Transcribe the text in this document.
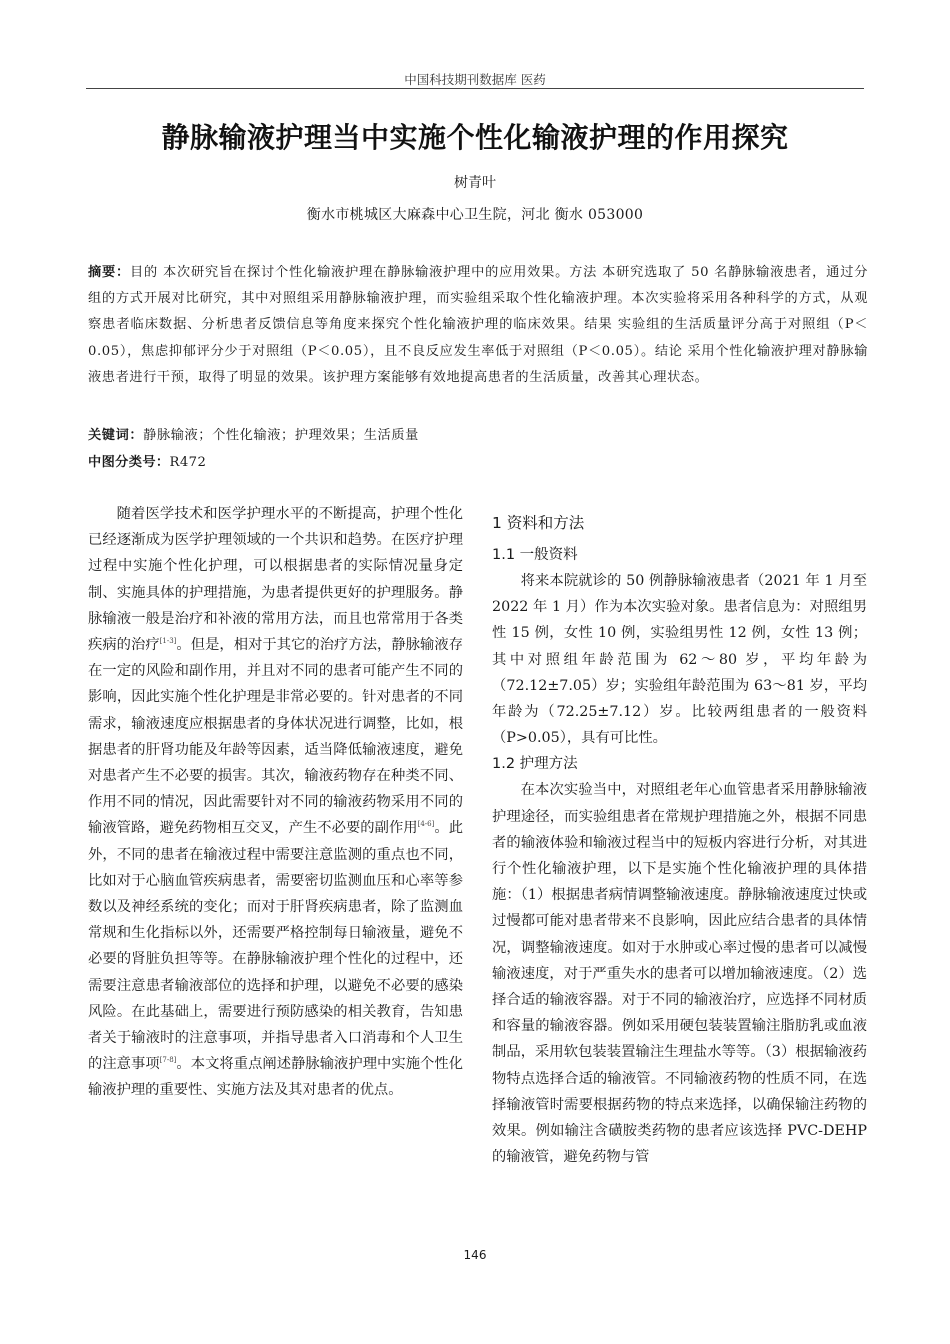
中国科技期刊数据库 医药
静脉输液护理当中实施个性化输液护理的作用探究
树青叶
衡水市桃城区大麻森中心卫生院，河北 衡水 053000
摘要：目的 本次研究旨在探讨个性化输液护理在静脉输液护理中的应用效果。方法 本研究选取了 50 名静脉输液患者，通过分组的方式开展对比研究，其中对照组采用静脉输液护理，而实验组采取个性化输液护理。本次实验将采用各种科学的方式，从观察患者临床数据、分析患者反馈信息等角度来探究个性化输液护理的临床效果。结果 实验组的生活质量评分高于对照组（P＜0.05），焦虑抑郁评分少于对照组（P＜0.05），且不良反应发生率低于对照组（P＜0.05）。结论 采用个性化输液护理对静脉输液患者进行干预，取得了明显的效果。该护理方案能够有效地提高患者的生活质量，改善其心理状态。
关键词：静脉输液；个性化输液；护理效果；生活质量
中图分类号：R472

随着医学技术和医学护理水平的不断提高，护理个性化已经逐渐成为医学护理领域的一个共识和趋势。在医疗护理过程中实施个性化护理，可以根据患者的实际情况量身定制、实施具体的护理措施，为患者提供更好的护理服务。静脉输液一般是治疗和补液的常用方法，而且也常常用于各类疾病的治疗[1-3]。但是，相对于其它的治疗方法，静脉输液存在一定的风险和副作用，并且对不同的患者可能产生不同的影响，因此实施个性化护理是非常必要的。针对患者的不同需求，输液速度应根据患者的身体状况进行调整，比如，根据患者的肝肾功能及年龄等因素，适当降低输液速度，避免对患者产生不必要的损害。其次，输液药物存在种类不同、作用不同的情况，因此需要针对不同的输液药物采用不同的输液管路，避免药物相互交叉，产生不必要的副作用[4-6]。此外，不同的患者在输液过程中需要注意监测的重点也不同，比如对于心脑血管疾病患者，需要密切监测血压和心率等参数以及神经系统的变化；而对于肝肾疾病患者，除了监测血常规和生化指标以外，还需要严格控制每日输液量，避免不必要的肾脏负担等等。在静脉输液护理个性化的过程中，还需要注意患者输液部位的选择和护理，以避免不必要的感染风险。在此基础上，需要进行预防感染的相关教育，告知患者关于输液时的注意事项，并指导患者入口消毒和个人卫生的注意事项[7-8]。本文将重点阐述静脉输液护理中实施个性化输液护理的重要性、实施方法及其对患者的优点。

1 资料和方法
1.1 一般资料

将来本院就诊的 50 例静脉输液患者（2021 年 1 月至 2022 年 1 月）作为本次实验对象。患者信息为：对照组男性 15 例，女性 10 例，实验组男性 12 例，女性 13 例；其中对照组年龄范围为 62～80 岁，平均年龄为（72.12±7.05）岁；实验组年龄范围为 63～81 岁，平均年龄为（72.25±7.12）岁。比较两组患者的一般资料（P>0.05），具有可比性。

1.2 护理方法

在本次实验当中，对照组老年心血管患者采用静脉输液护理途径，而实验组患者在常规护理措施之外，根据不同患者的输液体验和输液过程当中的短板内容进行分析，对其进行个性化输液护理，以下是实施个性化输液护理的具体措施：（1）根据患者病情调整输液速度。静脉输液速度过快或过慢都可能对患者带来不良影响，因此应结合患者的具体情况，调整输液速度。如对于水肿或心率过慢的患者可以减慢输液速度，对于严重失水的患者可以增加输液速度。（2）选择合适的输液容器。对于不同的输液治疗，应选择不同材质和容量的输液容器。例如采用硬包装装置输注脂肪乳或血液制品，采用软包装装置输注生理盐水等等。（3）根据输液药物特点选择合适的输液管。不同输液药物的性质不同，在选择输液管时需要根据药物的特点来选择，以确保输注药物的效果。例如输注含磺胺类药物的患者应该选择 PVC-DEHP 的输液管，避免药物与管

146
